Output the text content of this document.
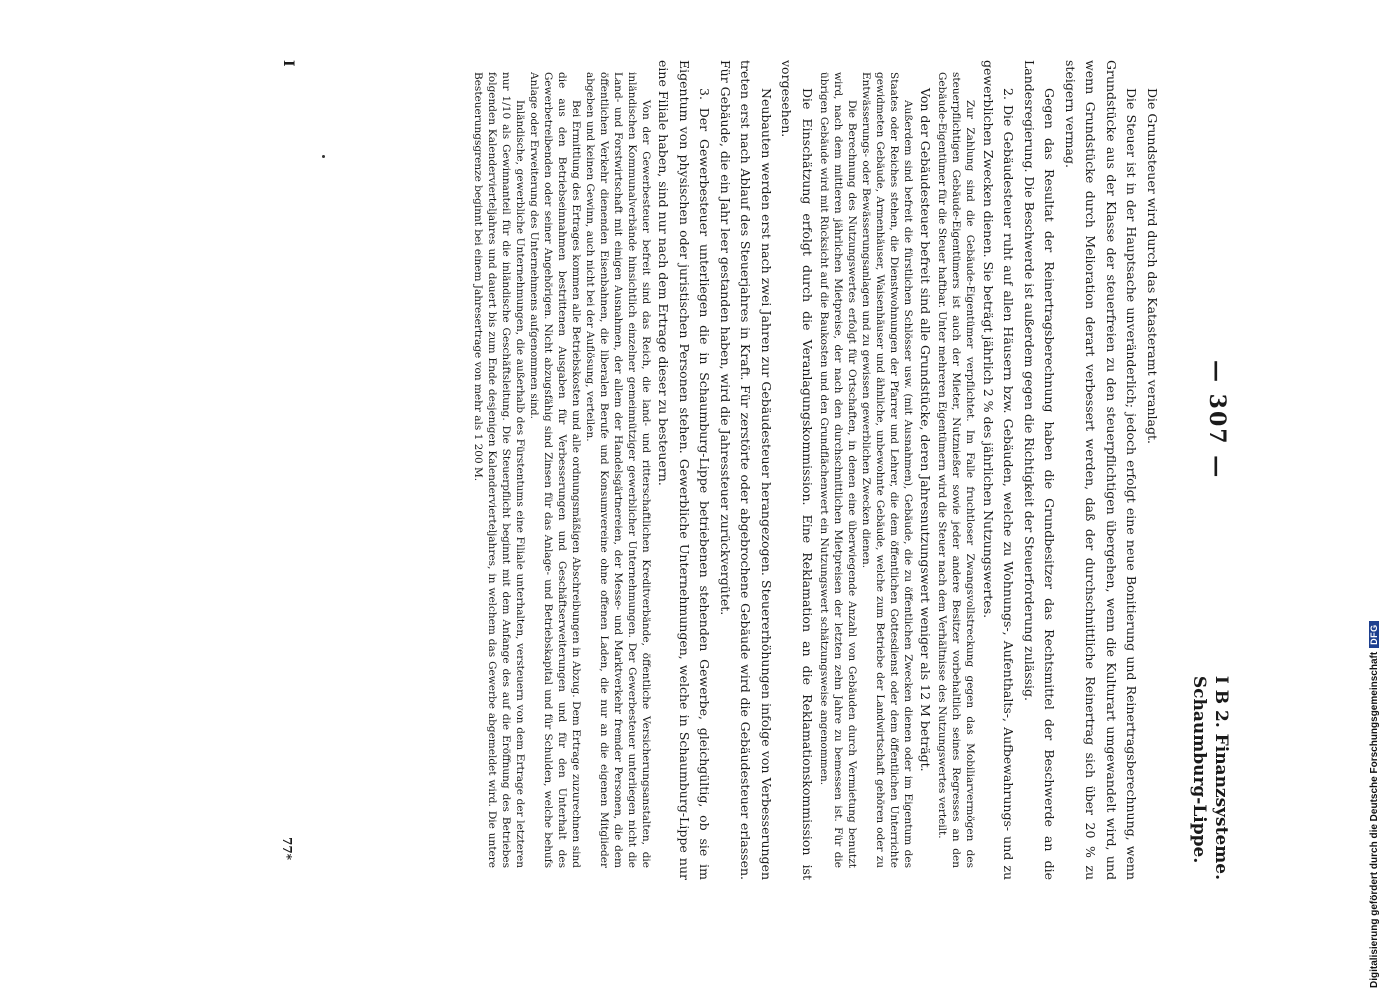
— 307 —
I B 2. Finanzsysteme.
Schaumburg-Lippe.

Die Grundsteuer wird durch das Katasteramt veranlagt.

Die Steuer ist in der Hauptsache unveränderlich; jedoch erfolgt eine neue Bonitierung und Reinertragsberechnung, wenn Grundstücke aus der Klasse der steuerfreien zu den steuerpflichtigen übergehen, wenn die Kulturart umgewandelt wird, und wenn Grundstücke durch Melioration derart verbessert werden, daß der durchschnittliche Reinertrag sich über 20 % zu steigern vermag.

Gegen das Resultat der Reinertragsberechnung haben die Grundbesitzer das Rechtsmittel der Beschwerde an die Landesregierung. Die Beschwerde ist außerdem gegen die Richtigkeit der Steuerforderung zulässig.

2. Die Gebäudesteuer ruht auf allen Häusern bzw. Gebäuden, welche zu Wohnungs-, Aufenthalts-, Aufbewahrungs- und zu gewerblichen Zwecken dienen. Sie beträgt jährlich 2 % des jährlichen Nutzungswertes.

Zur Zahlung sind die Gebäude-Eigentümer verpflichtet. Im Falle fruchtloser Zwangsvollstreckung gegen das Mobiliarvermögen des steuerpflichtigen Gebäude-Eigentümers ist auch der Mieter, Nutznießer sowie jeder andere Besitzer vorbehaltlich seines Regresses an den Gebäude-Eigentümer für die Steuer haftbar. Unter mehreren Eigentümern wird die Steuer nach dem Verhältnisse des Nutzungswertes verteilt.

Von der Gebäudesteuer befreit sind alle Grundstücke, deren Jahresnutzungswert weniger als 12 M beträgt.

Außerdem sind befreit die fürstlichen Schlösser usw. (mit Ausnahmen), Gebäude, die zu öffentlichen Zwecken dienen oder im Eigentum des Staates oder Reiches stehen, die Dienstwohnungen der Pfarrer und Lehrer, die dem öffentlichen Gottesdienst oder dem öffentlichen Unterrichte gewidmeten Gebäude, Armenhäuser, Waisenhäuser und ähnliche, unbewohnte Gebäude, welche zum Betriebe der Landwirtschaft gehören oder zu Entwässerungs- oder Bewässerungsanlagen und zu gewissen gewerblichen Zwecken dienen.

Die Berechnung des Nutzungswertes erfolgt für Ortschaften, in denen eine überwiegende Anzahl von Gebäuden durch Vermietung benutzt wird, nach dem mittleren jährlichen Mietpreise, der nach den durchschnittlichen Mietpreisen der letzten zehn Jahre zu bemessen ist. Für die übrigen Gebäude wird mit Rücksicht auf die Baukosten und den Grundflächenwert ein Nutzungswert schätzungsweise angenommen.

Die Einschätzung erfolgt durch die Veranlagungskommission. Eine Reklamation an die Reklamationskommission ist vorgesehen.

Neubauten werden erst nach zwei Jahren zur Gebäudesteuer herangezogen. Steuererhöhungen infolge von Verbesserungen treten erst nach Ablauf des Steuerjahres in Kraft. Für zerstörte oder abgebrochene Gebäude wird die Gebäudesteuer erlassen. Für Gebäude, die ein Jahr leer gestanden haben, wird die Jahressteuer zurückvergütet.

3. Der Gewerbesteuer unterliegen die in Schaumburg-Lippe betriebenen stehenden Gewerbe, gleichgültig, ob sie im Eigentum von physischen oder juristischen Personen stehen. Gewerbliche Unternehmungen, welche in Schaumburg-Lippe nur eine Filiale haben, sind nur nach dem Ertrage dieser zu besteuern.

Von der Gewerbesteuer befreit sind das Reich, die land- und ritterschaftlichen Kreditverbände, öffentliche Versicherungsanstalten, die inländischen Kommunalverbände hinsichtlich einzelner gemeinnütziger gewerblicher Unternehmungen. Der Gewerbesteuer unterliegen nicht die Land- und Forstwirtschaft mit einigen Ausnahmen, der allem der Handelsgärtnereien, der Messe- und Marktverkehr fremder Personen, die dem öffentlichen Verkehr dienenden Eisenbahnen, die liberalen Berufe und Konsumvereine ohne offenen Laden, die nur an die eigenen Mitglieder abgeben und keinen Gewinn, auch nicht bei der Auflösung, verteilen.

Bei Ermittlung des Ertrages kommen alle Betriebskosten und alle ordnungsmäßigen Abschreibungen in Abzug. Dem Ertrage zuzurechnen sind die aus den Betriebseinnahmen bestrittenen Ausgaben für Verbesserungen und Geschäftserweiterungen und für den Unterhalt des Gewerbetreibenden oder seiner Angehörigen. Nicht abzugsfähig sind Zinsen für das Anlage- und Betriebskapital und für Schulden, welche behufs Anlage oder Erweiterung des Unternehmens aufgenommen sind.

Inländische, gewerbliche Unternehmungen, die außerhalb des Fürstentums eine Filiale unterhalten, versteuern von dem Ertrage der letzteren nur 1/10 als Gewinnanteil für die inländische Geschäftsleitung. Die Steuerpflicht beginnt mit dem Anfange des auf die Eröffnung des Betriebes folgenden Kalendervierteljahres und dauert bis zum Ende desjenigen Kalendervierteljahres, in welchem das Gewerbe abgemeldet wird. Die untere Besteuerungsgrenze beginnt bei einem Jahresertrage von mehr als 1 200 M.

I
77*	Digitalisierung gefördert durch die Deutsche Forschungsgemeinschaft
DFG
